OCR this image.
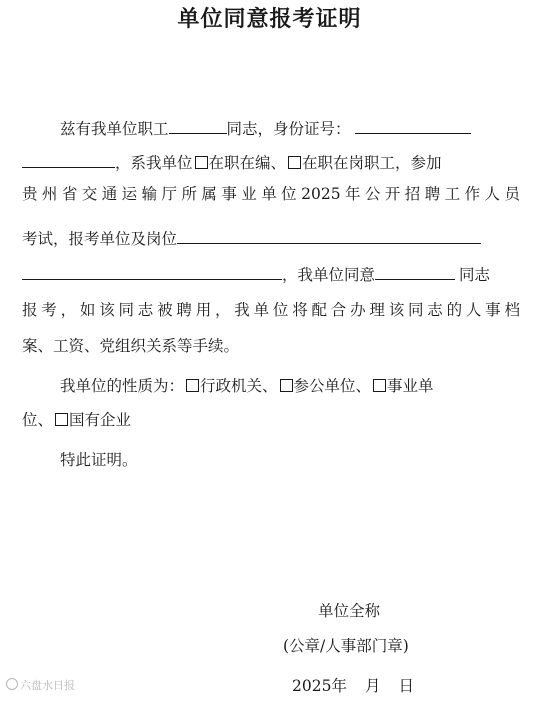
单位同意报考证明
兹有我单位职工	同志，身份证号：
，系我单位 在职在编、 在职在岗职工，参加
贵州省交通运输厅所属事业单位2025年公开招聘工作人员
考试，报考单位及岗位
，我单位同意	同志
报考，如该同志被聘用，我单位将配合办理该同志的人事档
案、工资、党组织关系等手续。
我单位的性质为： 行政机关、 参公单位、 事业单
位、 国有企业
特此证明。
单位全称
(公章/人事部门章)
2025年 月 日
六盘水日报
